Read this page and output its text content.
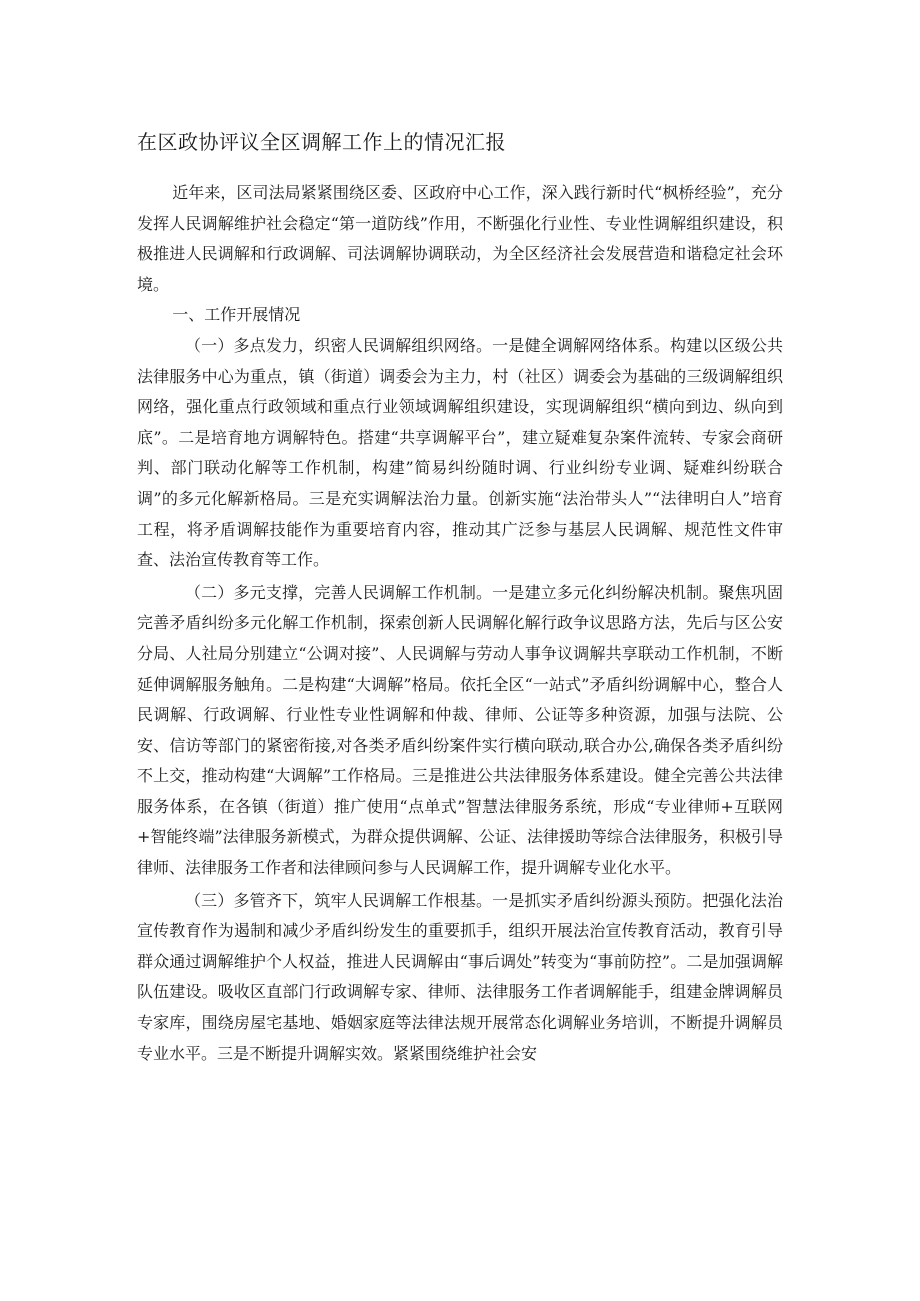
在区政协评议全区调解工作上的情况汇报

近年来，区司法局紧紧围绕区委、区政府中心工作，深入践行新时代“枫桥经验”，充分发挥人民调解维护社会稳定“第一道防线”作用，不断强化行业性、专业性调解组织建设，积极推进人民调解和行政调解、司法调解协调联动，为全区经济社会发展营造和谐稳定社会环境。

一、工作开展情况

（一）多点发力，织密人民调解组织网络。一是健全调解网络体系。构建以区级公共法律服务中心为重点，镇（街道）调委会为主力，村（社区）调委会为基础的三级调解组织网络，强化重点行政领域和重点行业领域调解组织建设，实现调解组织“横向到边、纵向到底”。二是培育地方调解特色。搭建“共享调解平台”，建立疑难复杂案件流转、专家会商研判、部门联动化解等工作机制，构建”简易纠纷随时调、行业纠纷专业调、疑难纠纷联合调”的多元化解新格局。三是充实调解法治力量。创新实施“法治带头人”“法律明白人”培育工程，将矛盾调解技能作为重要培育内容，推动其广泛参与基层人民调解、规范性文件审查、法治宣传教育等工作。

（二）多元支撑，完善人民调解工作机制。一是建立多元化纠纷解决机制。聚焦巩固完善矛盾纠纷多元化解工作机制，探索创新人民调解化解行政争议思路方法，先后与区公安分局、人社局分别建立“公调对接”、人民调解与劳动人事争议调解共享联动工作机制，不断延伸调解服务触角。二是构建“大调解”格局。依托全区“一站式”矛盾纠纷调解中心，整合人民调解、行政调解、行业性专业性调解和仲裁、律师、公证等多种资源，加强与法院、公安、信访等部门的紧密衔接,对各类矛盾纠纷案件实行横向联动,联合办公,确保各类矛盾纠纷不上交，推动构建“大调解”工作格局。三是推进公共法律服务体系建设。健全完善公共法律服务体系，在各镇（街道）推广使用“点单式”智慧法律服务系统，形成“专业律师+互联网+智能终端”法律服务新模式，为群众提供调解、公证、法律援助等综合法律服务，积极引导律师、法律服务工作者和法律顾问参与人民调解工作，提升调解专业化水平。

（三）多管齐下，筑牢人民调解工作根基。一是抓实矛盾纠纷源头预防。把强化法治宣传教育作为遏制和减少矛盾纠纷发生的重要抓手，组织开展法治宣传教育活动，教育引导群众通过调解维护个人权益，推进人民调解由“事后调处”转变为“事前防控”。二是加强调解队伍建设。吸收区直部门行政调解专家、律师、法律服务工作者调解能手，组建金牌调解员专家库，围绕房屋宅基地、婚姻家庭等法律法规开展常态化调解业务培训，不断提升调解员专业水平。三是不断提升调解实效。紧紧围绕维护社会安
